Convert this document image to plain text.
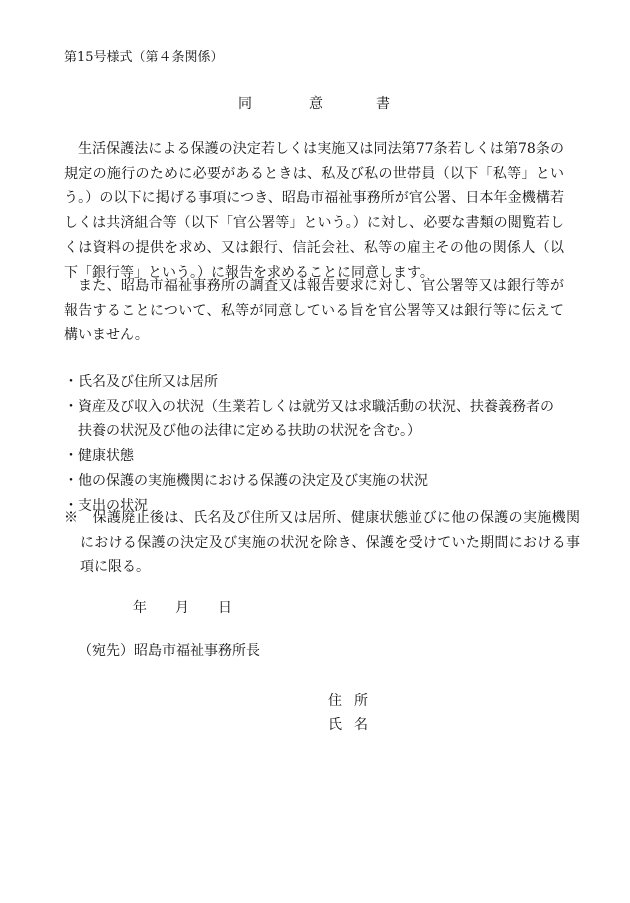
第15号様式（第４条関係）
同	意	書

生活保護法による保護の決定若しくは実施又は同法第77条若しくは第78条の規定の施行のために必要があるときは、私及び私の世帯員（以下「私等」という。）の以下に掲げる事項につき、昭島市福祉事務所が官公署、日本年金機構若しくは共済組合等（以下「官公署等」という。）に対し、必要な書類の閲覧若しくは資料の提供を求め、又は銀行、信託会社、私等の雇主その他の関係人（以下「銀行等」という。）に報告を求めることに同意します。

また、昭島市福祉事務所の調査又は報告要求に対し、官公署等又は銀行等が報告することについて、私等が同意している旨を官公署等又は銀行等に伝えて構いません。

・氏名及び住所又は居所
・資産及び収入の状況（生業若しくは就労又は求職活動の状況、扶養義務者の扶養の状況及び他の法律に定める扶助の状況を含む。）
・健康状態
・他の保護の実施機関における保護の決定及び実施の状況
・支出の状況

※　保護廃止後は、氏名及び住所又は居所、健康状態並びに他の保護の実施機関における保護の決定及び実施の状況を除き、保護を受けていた期間における事項に限る。

年 月 日
（宛先）昭島市福祉事務所長
住 所
氏 名
